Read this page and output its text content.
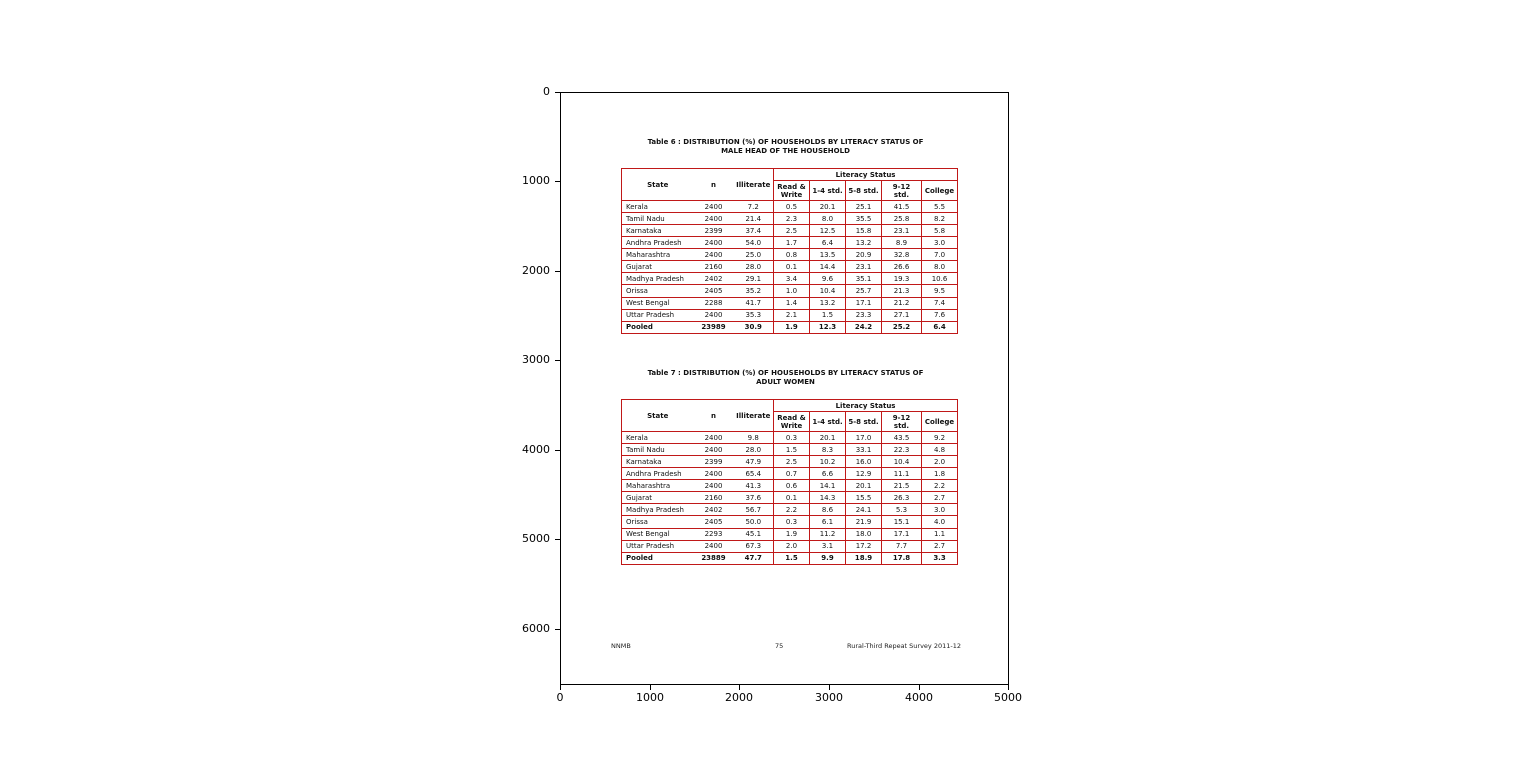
0
1000
2000
3000
4000
5000
6000
0	1000	2000	3000	4000	5000
Table 6 : DISTRIBUTION (%) OF HOUSEHOLDS BY LITERACY STATUS OF
MALE HEAD OF THE HOUSEHOLD
State	n	Illiterate	Literacy Status				
			Read & Write	1-4 std.	5-8 std.	9-12 std.	College
Kerala	2400	7.2	0.5	20.1	25.1	41.5	5.5
Tamil Nadu	2400	21.4	2.3	8.0	35.5	25.8	8.2
Karnataka	2399	37.4	2.5	12.5	15.8	23.1	5.8
Andhra Pradesh	2400	54.0	1.7	6.4	13.2	8.9	3.0
Maharashtra	2400	25.0	0.8	13.5	20.9	32.8	7.0
Gujarat	2160	28.0	0.1	14.4	23.1	26.6	8.0
Madhya Pradesh	2402	29.1	3.4	9.6	35.1	19.3	10.6
Orissa	2405	35.2	1.0	10.4	25.7	21.3	9.5
West Bengal	2288	41.7	1.4	13.2	17.1	21.2	7.4
Uttar Pradesh	2400	35.3	2.1	1.5	23.3	27.1	7.6
Pooled	23989	30.9	1.9	12.3	24.2	25.2	6.4
Table 7 : DISTRIBUTION (%) OF HOUSEHOLDS BY LITERACY STATUS OF
ADULT WOMEN
State	n	Illiterate	Literacy Status				
			Read & Write	1-4 std.	5-8 std.	9-12 std.	College
Kerala	2400	9.8	0.3	20.1	17.0	43.5	9.2
Tamil Nadu	2400	28.0	1.5	8.3	33.1	22.3	4.8
Karnataka	2399	47.9	2.5	10.2	16.0	10.4	2.0
Andhra Pradesh	2400	65.4	0.7	6.6	12.9	11.1	1.8
Maharashtra	2400	41.3	0.6	14.1	20.1	21.5	2.2
Gujarat	2160	37.6	0.1	14.3	15.5	26.3	2.7
Madhya Pradesh	2402	56.7	2.2	8.6	24.1	5.3	3.0
Orissa	2405	50.0	0.3	6.1	21.9	15.1	4.0
West Bengal	2293	45.1	1.9	11.2	18.0	17.1	1.1
Uttar Pradesh	2400	67.3	2.0	3.1	17.2	7.7	2.7
Pooled	23889	47.7	1.5	9.9	18.9	17.8	3.3
NNMB	75	Rural-Third Repeat Survey 2011-12
